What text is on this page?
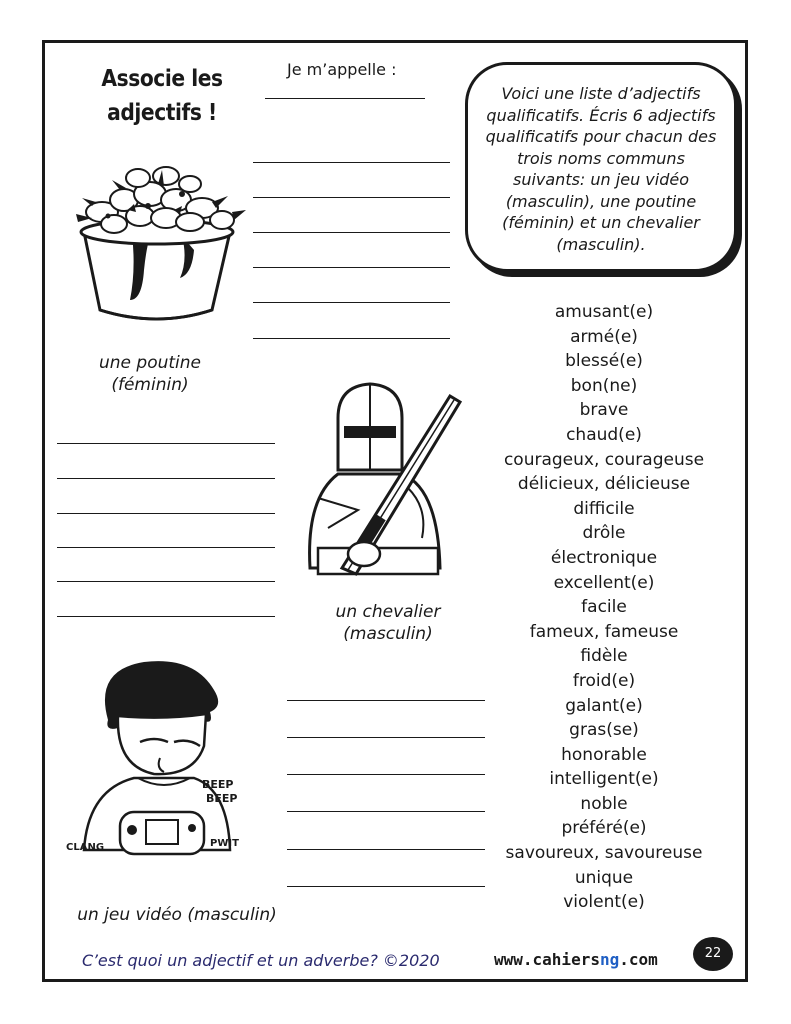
Associe les adjectifs !
Je m’appelle :
Voici une liste d’adjectifs qualificatifs. Écris 6 adjectifs qualificatifs pour chacun des trois noms communs suivants: un jeu vidéo (masculin), une poutine (féminin) et un chevalier (masculin).
une poutine
(féminin)
un chevalier
(masculin)
BEEP
BEEP
CLANG	PWIT
un jeu vidéo (masculin)
amusant(e)
armé(e)
blessé(e)
bon(ne)
brave
chaud(e)
courageux, courageuse
délicieux, délicieuse
difficile
drôle
électronique
excellent(e)
facile
fameux, fameuse
fidèle
froid(e)
galant(e)
gras(se)
honorable
intelligent(e)
noble
préféré(e)
savoureux, savoureuse
unique
violent(e)
C’est quoi un adjectif et un adverbe? ©2020	www.cahiersng.com	22
